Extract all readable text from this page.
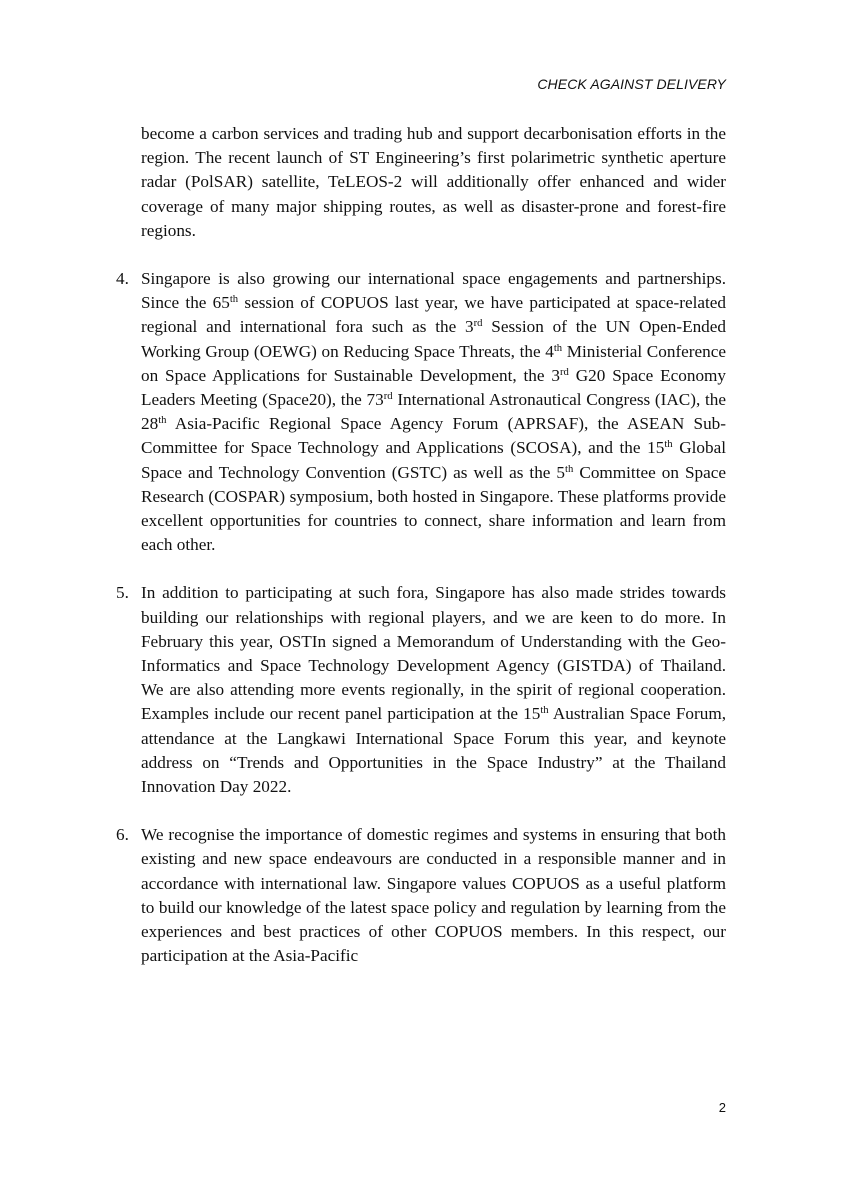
CHECK AGAINST DELIVERY
become a carbon services and trading hub and support decarbonisation efforts in the region. The recent launch of ST Engineering’s first polarimetric synthetic aperture radar (PolSAR) satellite, TeLEOS-2 will additionally offer enhanced and wider coverage of many major shipping routes, as well as disaster-prone and forest-fire regions.
4. Singapore is also growing our international space engagements and partnerships. Since the 65th session of COPUOS last year, we have participated at space-related regional and international fora such as the 3rd Session of the UN Open-Ended Working Group (OEWG) on Reducing Space Threats, the 4th Ministerial Conference on Space Applications for Sustainable Development, the 3rd G20 Space Economy Leaders Meeting (Space20), the 73rd International Astronautical Congress (IAC), the 28th Asia-Pacific Regional Space Agency Forum (APRSAF), the ASEAN Sub-Committee for Space Technology and Applications (SCOSA), and the 15th Global Space and Technology Convention (GSTC) as well as the 5th Committee on Space Research (COSPAR) symposium, both hosted in Singapore. These platforms provide excellent opportunities for countries to connect, share information and learn from each other.
5. In addition to participating at such fora, Singapore has also made strides towards building our relationships with regional players, and we are keen to do more. In February this year, OSTIn signed a Memorandum of Understanding with the Geo-Informatics and Space Technology Development Agency (GISTDA) of Thailand. We are also attending more events regionally, in the spirit of regional cooperation. Examples include our recent panel participation at the 15th Australian Space Forum, attendance at the Langkawi International Space Forum this year, and keynote address on “Trends and Opportunities in the Space Industry” at the Thailand Innovation Day 2022.
6. We recognise the importance of domestic regimes and systems in ensuring that both existing and new space endeavours are conducted in a responsible manner and in accordance with international law. Singapore values COPUOS as a useful platform to build our knowledge of the latest space policy and regulation by learning from the experiences and best practices of other COPUOS members. In this respect, our participation at the Asia-Pacific
2
